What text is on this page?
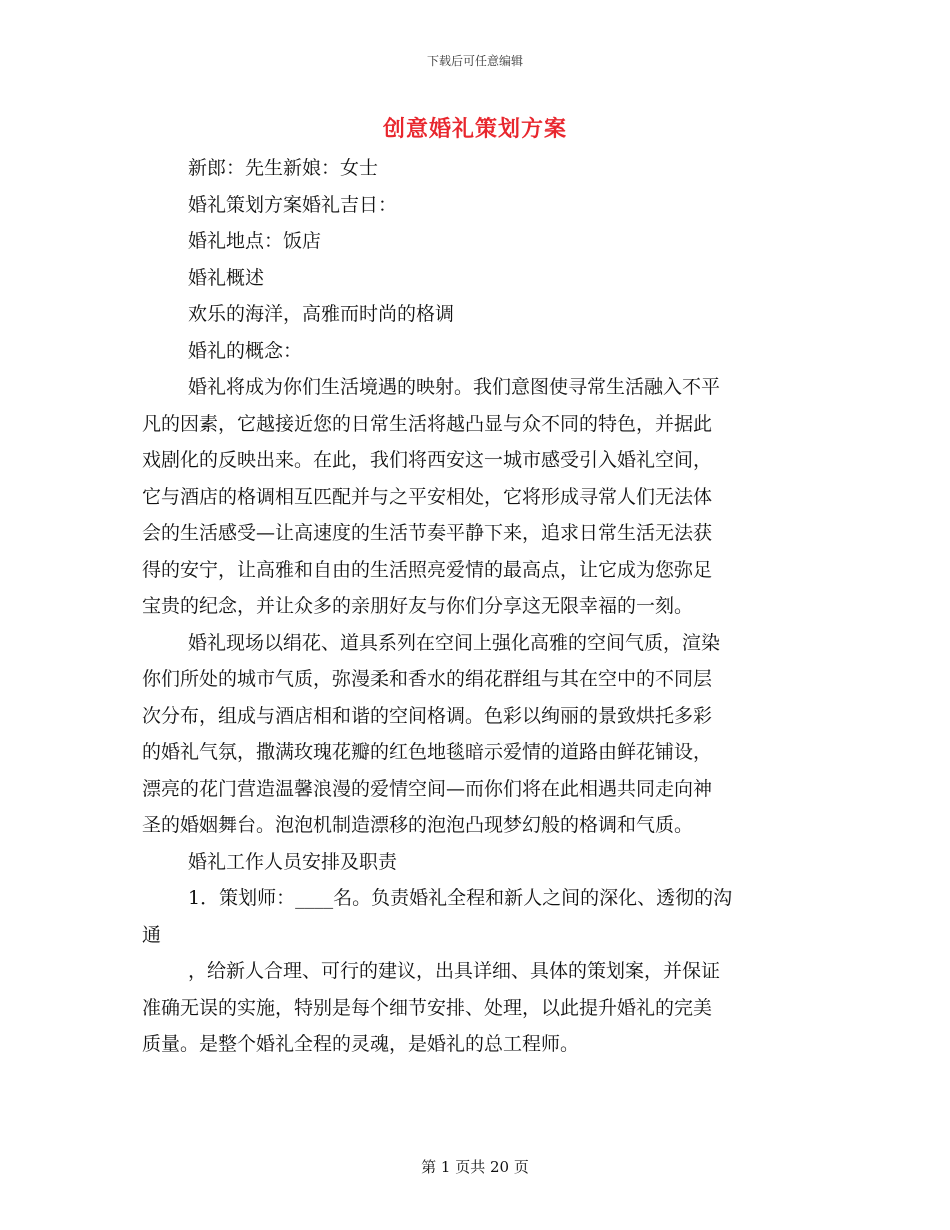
下载后可任意编辑
创意婚礼策划方案

新郎：先生新娘：女士

婚礼策划方案婚礼吉日：

婚礼地点：饭店

婚礼概述

欢乐的海洋，高雅而时尚的格调

婚礼的概念：

婚礼将成为你们生活境遇的映射。我们意图使寻常生活融入不平

凡的因素，它越接近您的日常生活将越凸显与众不同的特色，并据此

戏剧化的反映出来。在此，我们将西安这一城市感受引入婚礼空间，

它与酒店的格调相互匹配并与之平安相处，它将形成寻常人们无法体

会的生活感受—让高速度的生活节奏平静下来，追求日常生活无法获

得的安宁，让高雅和自由的生活照亮爱情的最高点，让它成为您弥足

宝贵的纪念，并让众多的亲朋好友与你们分享这无限幸福的一刻。

婚礼现场以绢花、道具系列在空间上强化高雅的空间气质，渲染

你们所处的城市气质，弥漫柔和香水的绢花群组与其在空中的不同层

次分布，组成与酒店相和谐的空间格调。色彩以绚丽的景致烘托多彩

的婚礼气氛，撒满玫瑰花瓣的红色地毯暗示爱情的道路由鲜花铺设，

漂亮的花门营造温馨浪漫的爱情空间—而你们将在此相遇共同走向神

圣的婚姻舞台。泡泡机制造漂移的泡泡凸现梦幻般的格调和气质。

婚礼工作人员安排及职责

1．策划师：____名。负责婚礼全程和新人之间的深化、透彻的沟

通

，给新人合理、可行的建议，出具详细、具体的策划案，并保证

准确无误的实施，特别是每个细节安排、处理，以此提升婚礼的完美

质量。是整个婚礼全程的灵魂，是婚礼的总工程师。

第 1 页共 20 页
